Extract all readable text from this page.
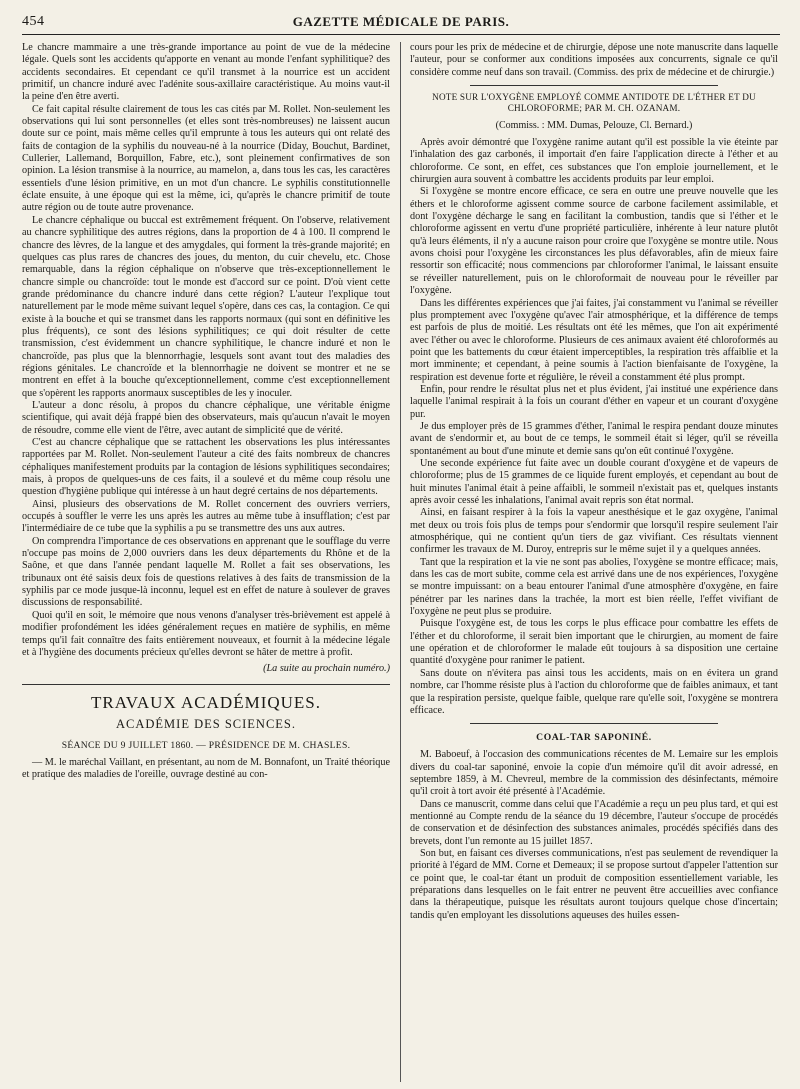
454	GAZETTE MÉDICALE DE PARIS.

Le chancre mammaire a une très-grande importance au point de vue de la médecine légale. Quels sont les accidents qu'apporte en venant au monde l'enfant syphilitique? des accidents secondaires. Et cependant ce qu'il transmet à la nourrice est un accident primitif, un chancre induré avec l'adénite sous-axillaire caractéristique. Au moins vaut-il la peine d'en être averti.

Ce fait capital résulte clairement de tous les cas cités par M. Rollet. Non-seulement les observations qui lui sont personnelles (et elles sont très-nombreuses) ne laissent aucun doute sur ce point, mais même celles qu'il emprunte à tous les auteurs qui ont relaté des faits de contagion de la syphilis du nouveau-né à la nourrice (Diday, Bouchut, Bardinet, Cullerier, Lallemand, Borquillon, Fabre, etc.), sont pleinement confirmatives de son opinion. La lésion transmise à la nourrice, au mamelon, a, dans tous les cas, les caractères essentiels d'une lésion primitive, en un mot d'un chancre. Le syphilis constitutionnelle éclate ensuite, à une époque qui est la même, ici, qu'après le chancre primitif de toute autre région ou de toute autre provenance.

Le chancre céphalique ou buccal est extrêmement fréquent. On l'observe, relativement au chancre syphilitique des autres régions, dans la proportion de 4 à 100. Il comprend le chancre des lèvres, de la langue et des amygdales, qui forment la très-grande majorité; en quelques cas plus rares de chancres des joues, du menton, du cuir chevelu, etc. Chose remarquable, dans la région céphalique on n'observe que très-exceptionnellement le chancre simple ou chancroïde: tout le monde est d'accord sur ce point. D'où vient cette grande prédominance du chancre induré dans cette région? L'auteur l'explique tout naturellement par le mode même suivant lequel s'opère, dans ces cas, la contagion. Ce qui existe à la bouche et qui se transmet dans les rapports normaux (qui sont en définitive les plus fréquents), ce sont des lésions syphilitiques; ce qui doit résulter de cette transmission, c'est évidemment un chancre syphilitique, le chancre induré et non le chancroïde, pas plus que la blennorrhagie, lesquels sont avant tout des maladies des régions génitales. Le chancroïde et la blennorrhagie ne doivent se montrer et ne se montrent en effet à la bouche qu'exceptionnellement, comme c'est exceptionnellement que s'opèrent les rapports anormaux susceptibles de les y inoculer.

L'auteur a donc résolu, à propos du chancre céphalique, une véritable énigme scientifique, qui avait déjà frappé bien des observateurs, mais qu'aucun n'avait le moyen de résoudre, comme elle vient de l'être, avec autant de simplicité que de vérité.

C'est au chancre céphalique que se rattachent les observations les plus intéressantes rapportées par M. Rollet. Non-seulement l'auteur a cité des faits nombreux de chancres céphaliques manifestement produits par la contagion de lésions syphilitiques secondaires; mais, à propos de quelques-uns de ces faits, il a soulevé et du même coup résolu une question d'hygiène publique qui intéresse à un haut degré certains de nos départements.

Ainsi, plusieurs des observations de M. Rollet concernent des ouvriers verriers, occupés à souffler le verre les uns après les autres au même tube à insufflation; c'est par l'intermédiaire de ce tube que la syphilis a pu se transmettre des uns aux autres.

On comprendra l'importance de ces observations en apprenant que le soufflage du verre n'occupe pas moins de 2,000 ouvriers dans les deux départements du Rhône et de la Saône, et que dans l'année pendant laquelle M. Rollet a fait ses observations, les tribunaux ont été saisis deux fois de questions relatives à des faits de transmission de la syphilis par ce mode jusque-là inconnu, lequel est en effet de nature à soulever de graves discussions de responsabilité.

Quoi qu'il en soit, le mémoire que nous venons d'analyser très-brièvement est appelé à modifier profondément les idées généralement reçues en matière de syphilis, en même temps qu'il fait connaître des faits entièrement nouveaux, et fournit à la médecine légale et à l'hygiène des documents précieux qu'elles devront se hâter de mettre à profit.

(La suite au prochain numéro.)

TRAVAUX ACADÉMIQUES.
ACADÉMIE DES SCIENCES.
SÉANCE DU 9 JUILLET 1860. — PRÉSIDENCE DE M. CHASLES.

— M. le maréchal Vaillant, en présentant, au nom de M. Bonnafont, un Traité théorique et pratique des maladies de l'oreille, ouvrage destiné au con-

cours pour les prix de médecine et de chirurgie, dépose une note manuscrite dans laquelle l'auteur, pour se conformer aux conditions imposées aux concurrents, signale ce qu'il considère comme neuf dans son travail. (Commiss. des prix de médecine et de chirurgie.)

NOTE SUR L'OXYGÈNE EMPLOYÉ COMME ANTIDOTE DE L'ÉTHER ET DU CHLOROFORME; PAR M. CH. OZANAM.
(Commiss. : MM. Dumas, Pelouze, Cl. Bernard.)

Après avoir démontré que l'oxygène ranime autant qu'il est possible la vie éteinte par l'inhalation des gaz carbonés, il importait d'en faire l'application directe à l'éther et au chloroforme. Ce sont, en effet, ces substances que l'on emploie journellement, et le chirurgien aura souvent à combattre les accidents produits par leur emploi.

Si l'oxygène se montre encore efficace, ce sera en outre une preuve nouvelle que les éthers et le chloroforme agissent comme source de carbone facilement assimilable, et dont l'oxygène décharge le sang en facilitant la combustion, tandis que si l'éther et le chloroforme agissent en vertu d'une propriété particulière, inhérente à leur nature plutôt qu'à leurs éléments, il n'y a aucune raison pour croire que l'oxygène se montre utile. Nous avons choisi pour l'oxygène les circonstances les plus défavorables, afin de mieux faire ressortir son efficacité; nous commencions par chloroformer l'animal, le laissant ensuite se réveiller naturellement, puis on le chloroformait de nouveau pour le réveiller par l'oxygène.

Dans les différentes expériences que j'ai faites, j'ai constamment vu l'animal se réveiller plus promptement avec l'oxygène qu'avec l'air atmosphérique, et la différence de temps est parfois de plus de moitié. Les résultats ont été les mêmes, que l'on ait expérimenté avec l'éther ou avec le chloroforme. Plusieurs de ces animaux avaient été chloroformés au point que les battements du cœur étaient imperceptibles, la respiration très affaiblie et la mort imminente; et cependant, à peine soumis à l'action bienfaisante de l'oxygène, la respiration est devenue forte et régulière, le réveil a constamment été plus prompt.

Enfin, pour rendre le résultat plus net et plus évident, j'ai institué une expérience dans laquelle l'animal respirait à la fois un courant d'éther en vapeur et un courant d'oxygène pur.

Je dus employer près de 15 grammes d'éther, l'animal le respira pendant douze minutes avant de s'endormir et, au bout de ce temps, le sommeil était si léger, qu'il se réveilla spontanément au bout d'une minute et demie sans qu'on eût continué l'oxygène.

Une seconde expérience fut faite avec un double courant d'oxygène et de vapeurs de chloroforme; plus de 15 grammes de ce liquide furent employés, et cependant au bout de huit minutes l'animal était à peine affaibli, le sommeil n'existait pas et, quelques instants après avoir cessé les inhalations, l'animal avait repris son état normal.

Ainsi, en faisant respirer à la fois la vapeur anesthésique et le gaz oxygène, l'animal met deux ou trois fois plus de temps pour s'endormir que lorsqu'il respire seulement l'air atmosphérique, qui ne contient qu'un tiers de gaz vivifiant. Ces résultats viennent confirmer les travaux de M. Duroy, entrepris sur le même sujet il y a quelques années.

Tant que la respiration et la vie ne sont pas abolies, l'oxygène se montre efficace; mais, dans les cas de mort subite, comme cela est arrivé dans une de nos expériences, l'oxygène se montre impuissant: on a beau entourer l'animal d'une atmosphère d'oxygène, en faire pénétrer par les narines dans la trachée, la mort est bien réelle, l'effet vivifiant de l'oxygène ne peut plus se produire.

Puisque l'oxygène est, de tous les corps le plus efficace pour combattre les effets de l'éther et du chloroforme, il serait bien important que le chirurgien, au moment de faire une opération et de chloroformer le malade eût toujours à sa disposition une certaine quantité d'oxygène pour ranimer le patient.

Sans doute on n'évitera pas ainsi tous les accidents, mais on en évitera un grand nombre, car l'homme résiste plus à l'action du chloroforme que de faibles animaux, et tant que la respiration persiste, quelque faible, quelque rare qu'elle soit, l'oxygène se montrera efficace.

COAL-TAR SAPONINÉ.

M. Baboeuf, à l'occasion des communications récentes de M. Lemaire sur les emplois divers du coal-tar saponiné, envoie la copie d'un mémoire qu'il dit avoir adressé, en septembre 1859, à M. Chevreul, membre de la commission des désinfectants, mémoire qu'il croit à tort avoir été présenté à l'Académie.

Dans ce manuscrit, comme dans celui que l'Académie a reçu un peu plus tard, et qui est mentionné au Compte rendu de la séance du 19 décembre, l'auteur s'occupe de procédés de conservation et de désinfection des substances animales, procédés spécifiés dans des brevets, dont l'un remonte au 15 juillet 1857.

Son but, en faisant ces diverses communications, n'est pas seulement de revendiquer la priorité à l'égard de MM. Corne et Demeaux; il se propose surtout d'appeler l'attention sur ce point que, le coal-tar étant un produit de composition essentiellement variable, les préparations dans lesquelles on le fait entrer ne peuvent être accueillies avec confiance dans la thérapeutique, puisque les résultats auront toujours quelque chose d'incertain; tandis qu'en employant les dissolutions aqueuses des huiles essen-
